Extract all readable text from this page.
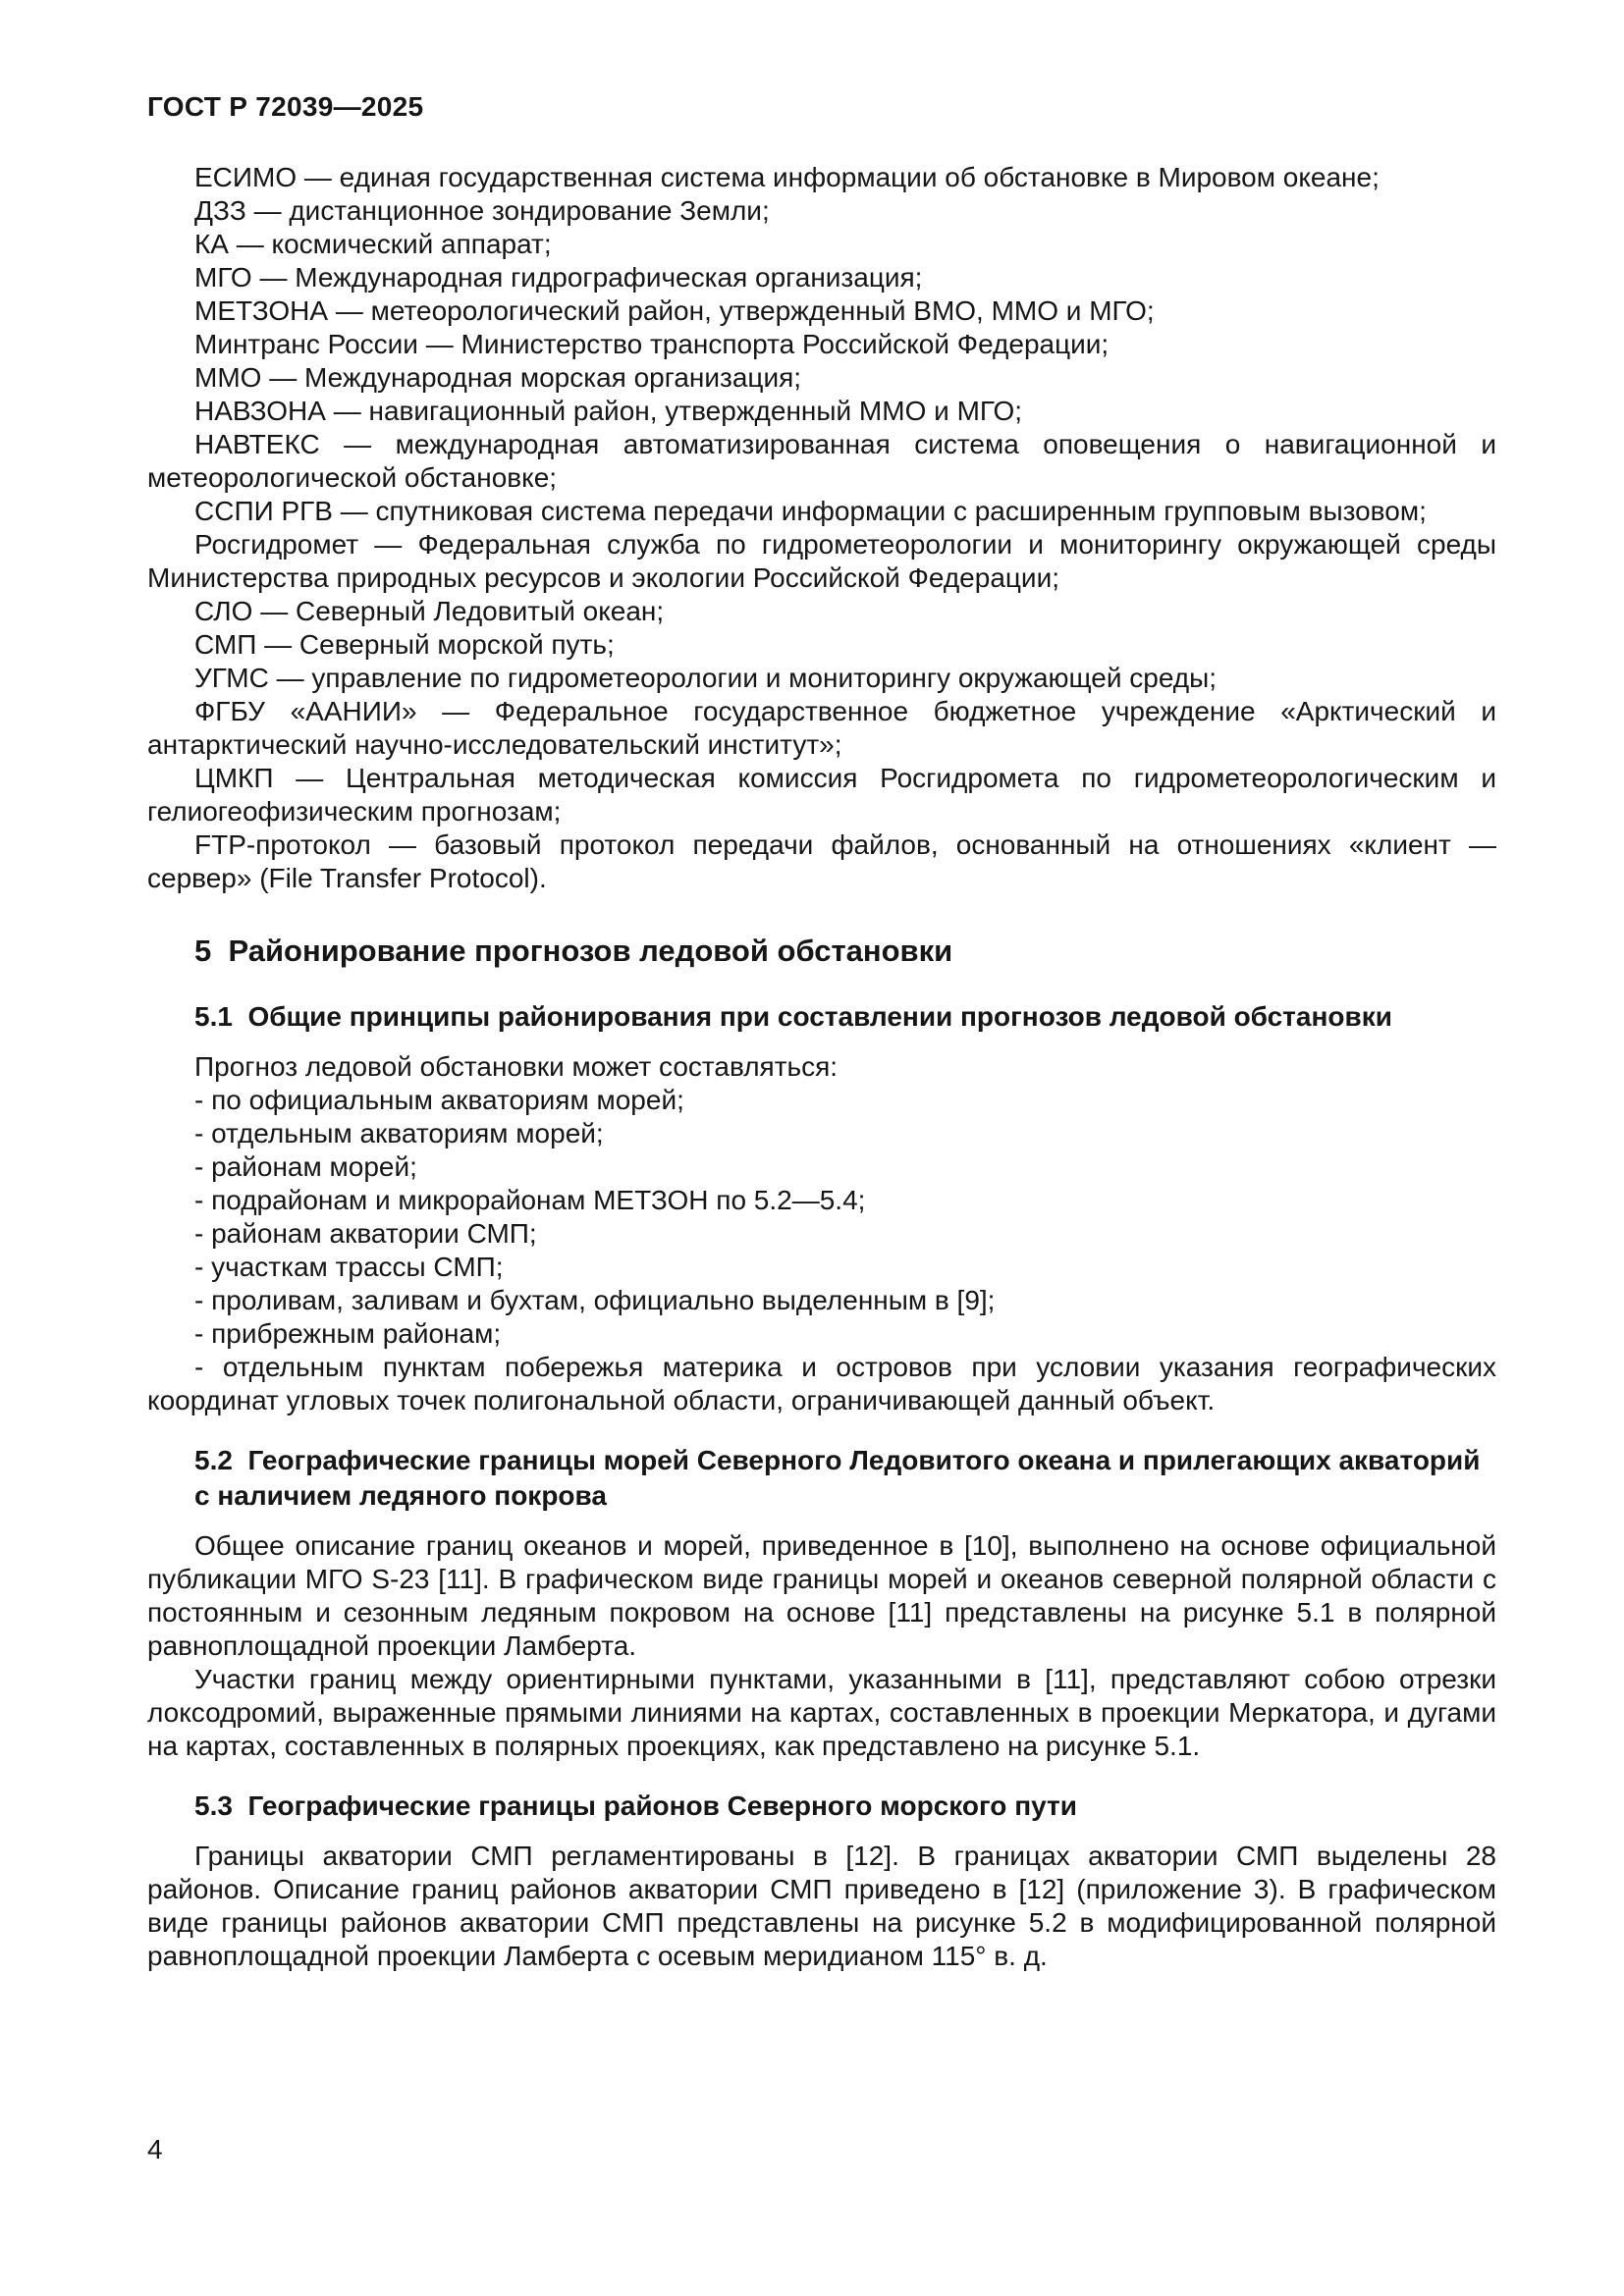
ГОСТ Р 72039—2025

ЕСИМО — единая государственная система информации об обстановке в Мировом океане;

ДЗЗ — дистанционное зондирование Земли;

КА — космический аппарат;

МГО — Международная гидрографическая организация;

МЕТЗОНА — метеорологический район, утвержденный ВМО, ММО и МГО;

Минтранс России — Министерство транспорта Российской Федерации;

ММО — Международная морская организация;

НАВЗОНА — навигационный район, утвержденный ММО и МГО;

НАВТЕКС — международная автоматизированная система оповещения о навигационной и метеорологической обстановке;

ССПИ РГВ — спутниковая система передачи информации с расширенным групповым вызовом;

Росгидромет — Федеральная служба по гидрометеорологии и мониторингу окружающей среды Министерства природных ресурсов и экологии Российской Федерации;

СЛО — Северный Ледовитый океан;

СМП — Северный морской путь;

УГМС — управление по гидрометеорологии и мониторингу окружающей среды;

ФГБУ «ААНИИ» — Федеральное государственное бюджетное учреждение «Арктический и антарктический научно-исследовательский институт»;

ЦМКП — Центральная методическая комиссия Росгидромета по гидрометеорологическим и гелиогеофизическим прогнозам;

FTP-протокол — базовый протокол передачи файлов, основанный на отношениях «клиент — сервер» (File Transfer Protocol).

5  Районирование прогнозов ледовой обстановки
5.1  Общие принципы районирования при составлении прогнозов ледовой обстановки

Прогноз ледовой обстановки может составляться:

- по официальным акваториям морей;

- отдельным акваториям морей;

- районам морей;

- подрайонам и микрорайонам МЕТЗОН по 5.2—5.4;

- районам акватории СМП;

- участкам трассы СМП;

- проливам, заливам и бухтам, официально выделенным в [9];

- прибрежным районам;

- отдельным пунктам побережья материка и островов при условии указания географических координат угловых точек полигональной области, ограничивающей данный объект.

5.2  Географические границы морей Северного Ледовитого океана и прилегающих акваторий с наличием ледяного покрова

Общее описание границ океанов и морей, приведенное в [10], выполнено на основе официальной публикации МГО S-23 [11]. В графическом виде границы морей и океанов северной полярной области с постоянным и сезонным ледяным покровом на основе [11] представлены на рисунке 5.1 в полярной равноплощадной проекции Ламберта.

Участки границ между ориентирными пунктами, указанными в [11], представляют собою отрезки локсодромий, выраженные прямыми линиями на картах, составленных в проекции Меркатора, и дугами на картах, составленных в полярных проекциях, как представлено на рисунке 5.1.

5.3  Географические границы районов Северного морского пути

Границы акватории СМП регламентированы в [12]. В границах акватории СМП выделены 28 районов. Описание границ районов акватории СМП приведено в [12] (приложение 3). В графическом виде границы районов акватории СМП представлены на рисунке 5.2 в модифицированной полярной равноплощадной проекции Ламберта с осевым меридианом 115° в. д.

4
